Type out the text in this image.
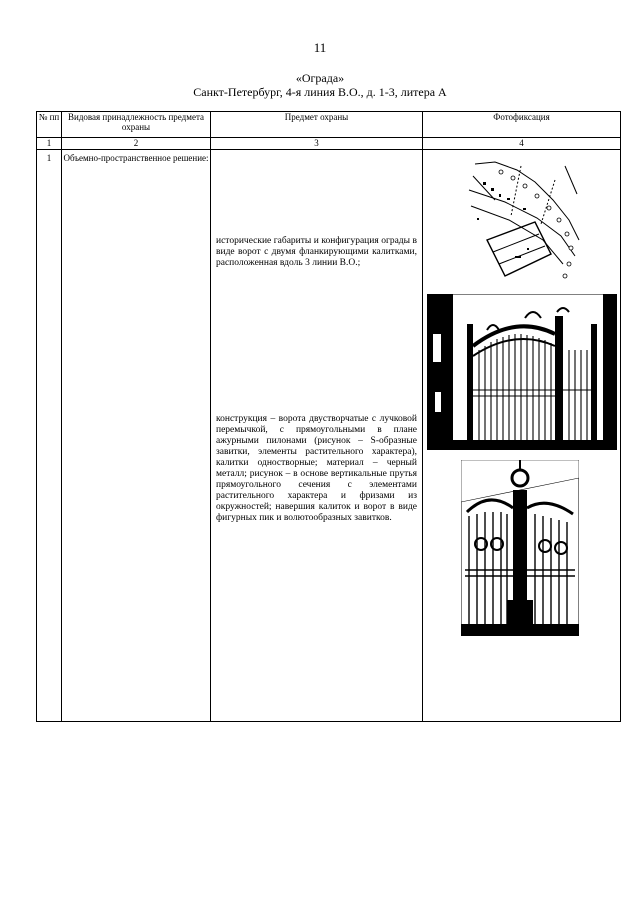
11
«Ограда»
Санкт-Петербург, 4-я линия В.О., д. 1-3, литера А
№ пп	Видовая принадлежность предмета охраны	Предмет охраны	Фотофиксация
1	2	3	4
1	Объемно-пространственное решение:	исторические габариты и конфигурация ограды в виде ворот с двумя фланкирующими калитками, расположенная вдоль 3 линии В.О.;
конструкция – ворота двустворчатые с лучковой перемычкой, с прямоугольными в плане ажурными пилонами (рисунок – S-образные завитки, элементы растительного характера), калитки одностворные; материал – черный металл; рисунок – в основе вертикальные прутья прямоугольного сечения с элементами растительного характера и фризами из окружностей; навершия калиток и ворот в виде фигурных пик и волютообразных завитков.
